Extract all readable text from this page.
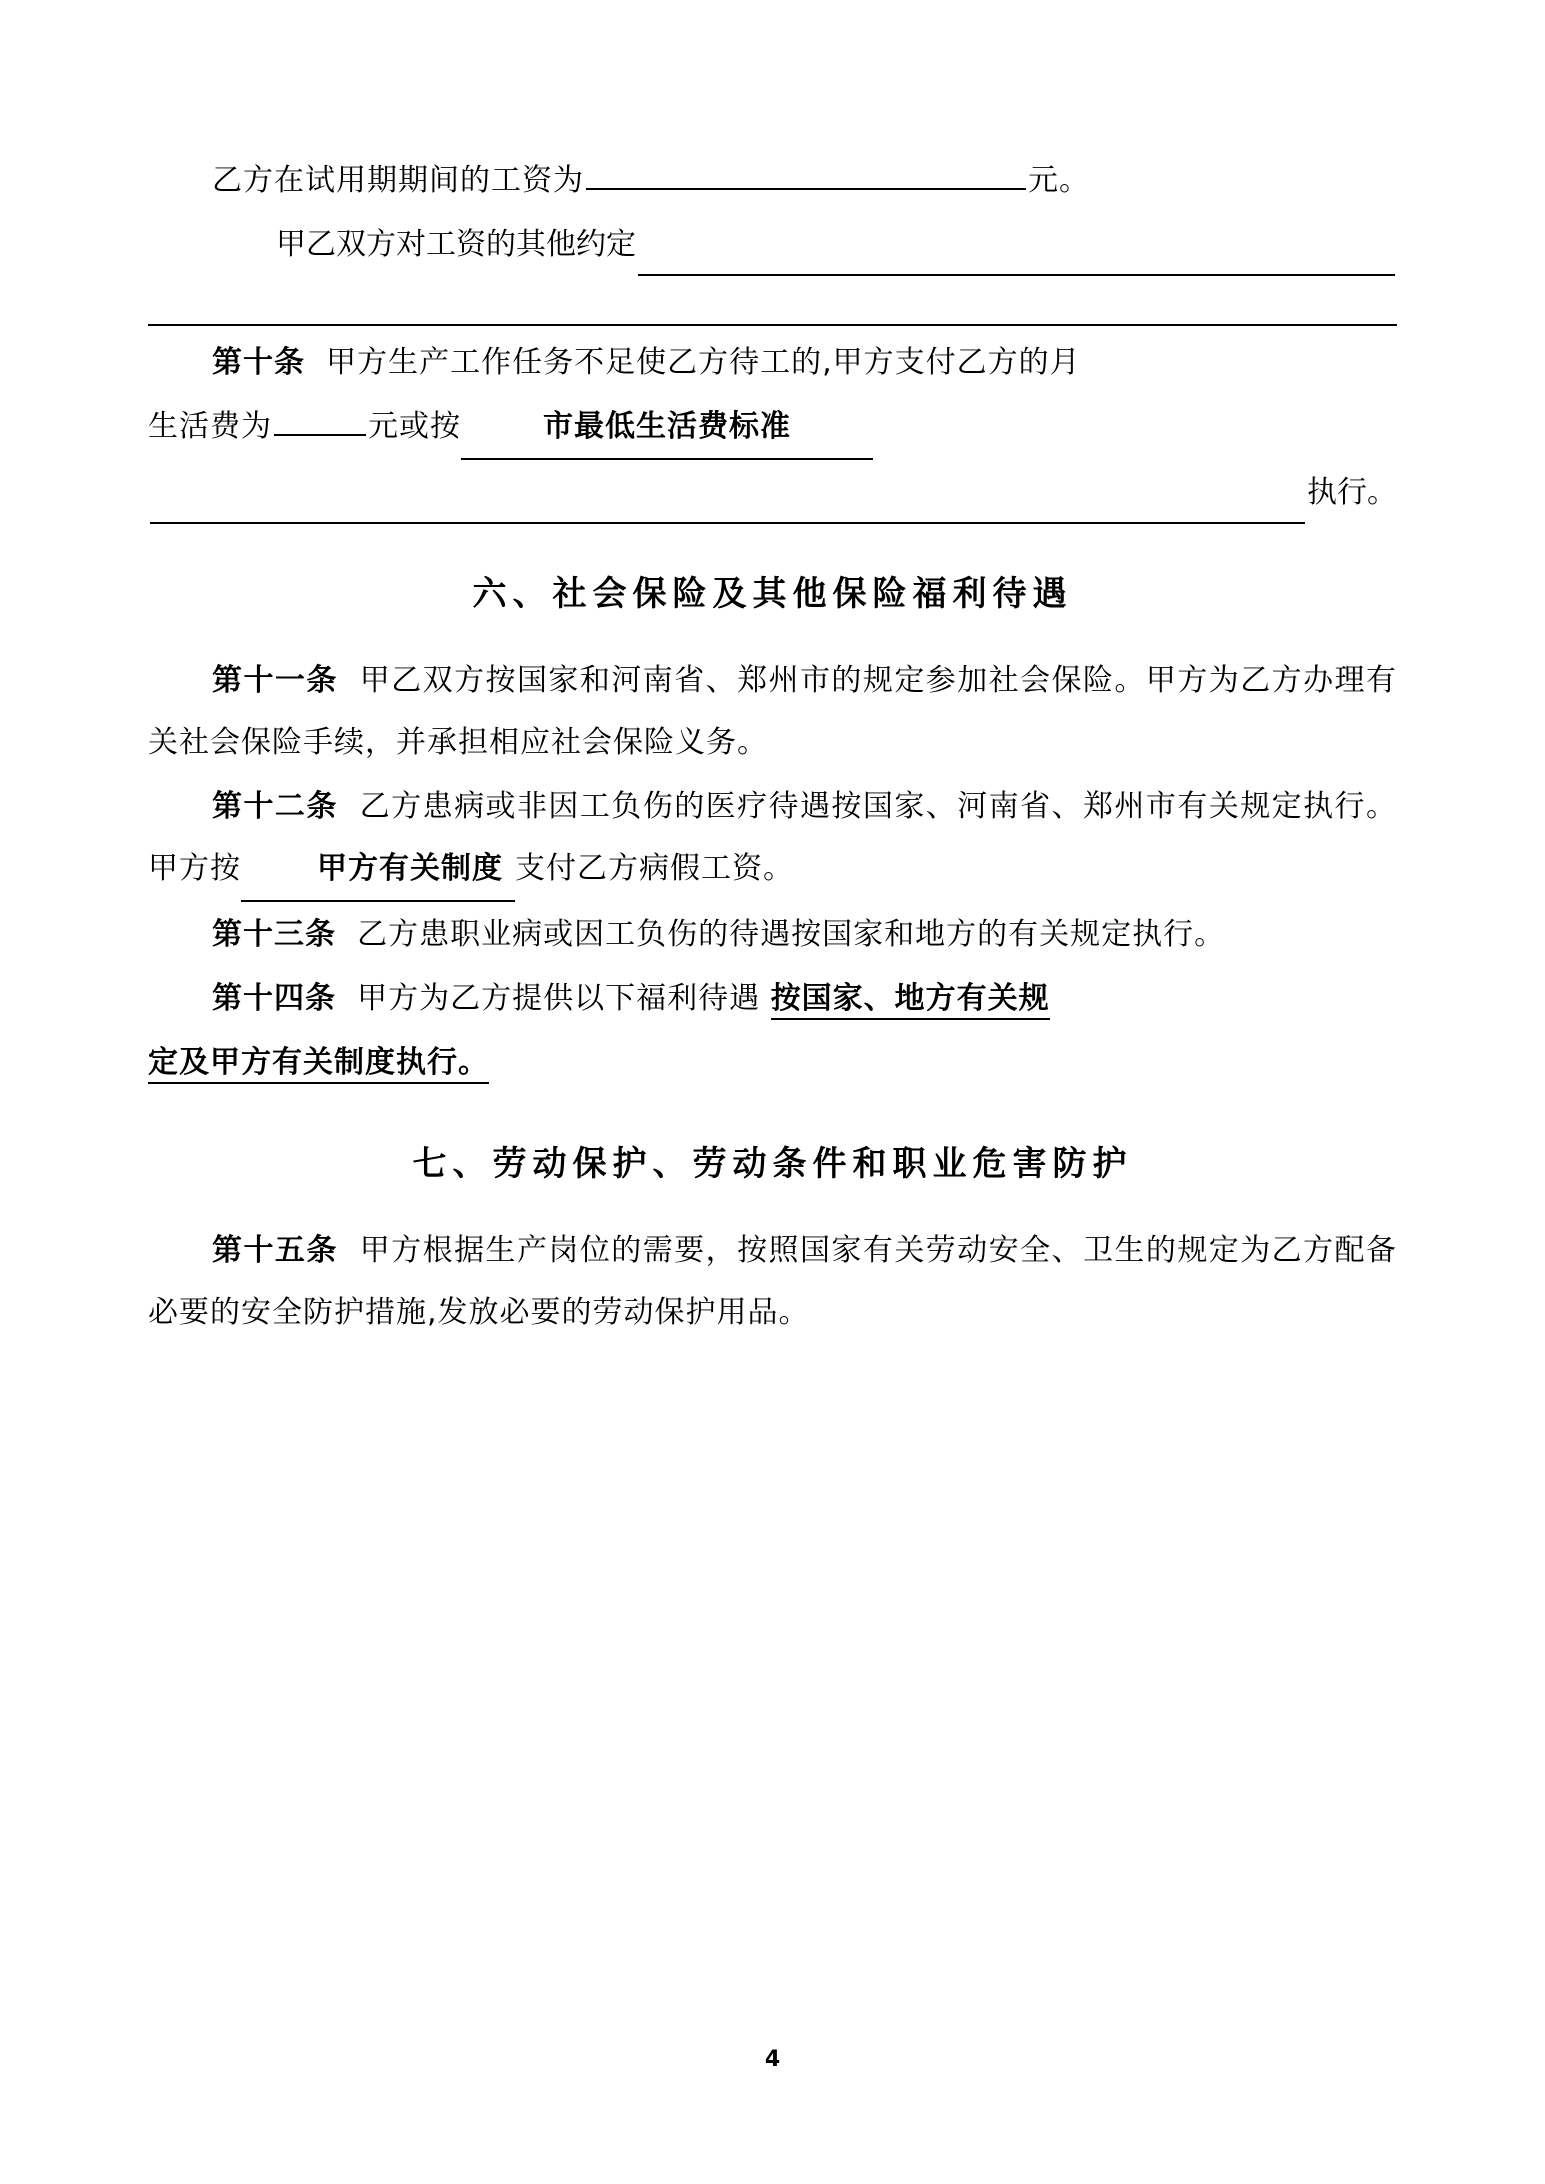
乙方在试用期期间的工资为	元。
甲乙双方对工资的其他约定
第十条 甲方生产工作任务不足使乙方待工的,甲方支付乙方的月
生活费为	元或按	市最低生活费标准
执行。
六、社会保险及其他保险福利待遇
第十一条 甲乙双方按国家和河南省、郑州市的规定参加社会保险。甲方为乙方办理有关社会保险手续，并承担相应社会保险义务。
第十二条 乙方患病或非因工负伤的医疗待遇按国家、河南省、郑州市有关规定执行。甲方按	甲方有关制度 支付乙方病假工资。
第十三条 乙方患职业病或因工负伤的待遇按国家和地方的有关规定执行。
第十四条 甲方为乙方提供以下福利待遇 按国家、地方有关规
定及甲方有关制度执行。
七、劳动保护、劳动条件和职业危害防护
第十五条 甲方根据生产岗位的需要，按照国家有关劳动安全、卫生的规定为乙方配备必要的安全防护措施,发放必要的劳动保护用品。
4
